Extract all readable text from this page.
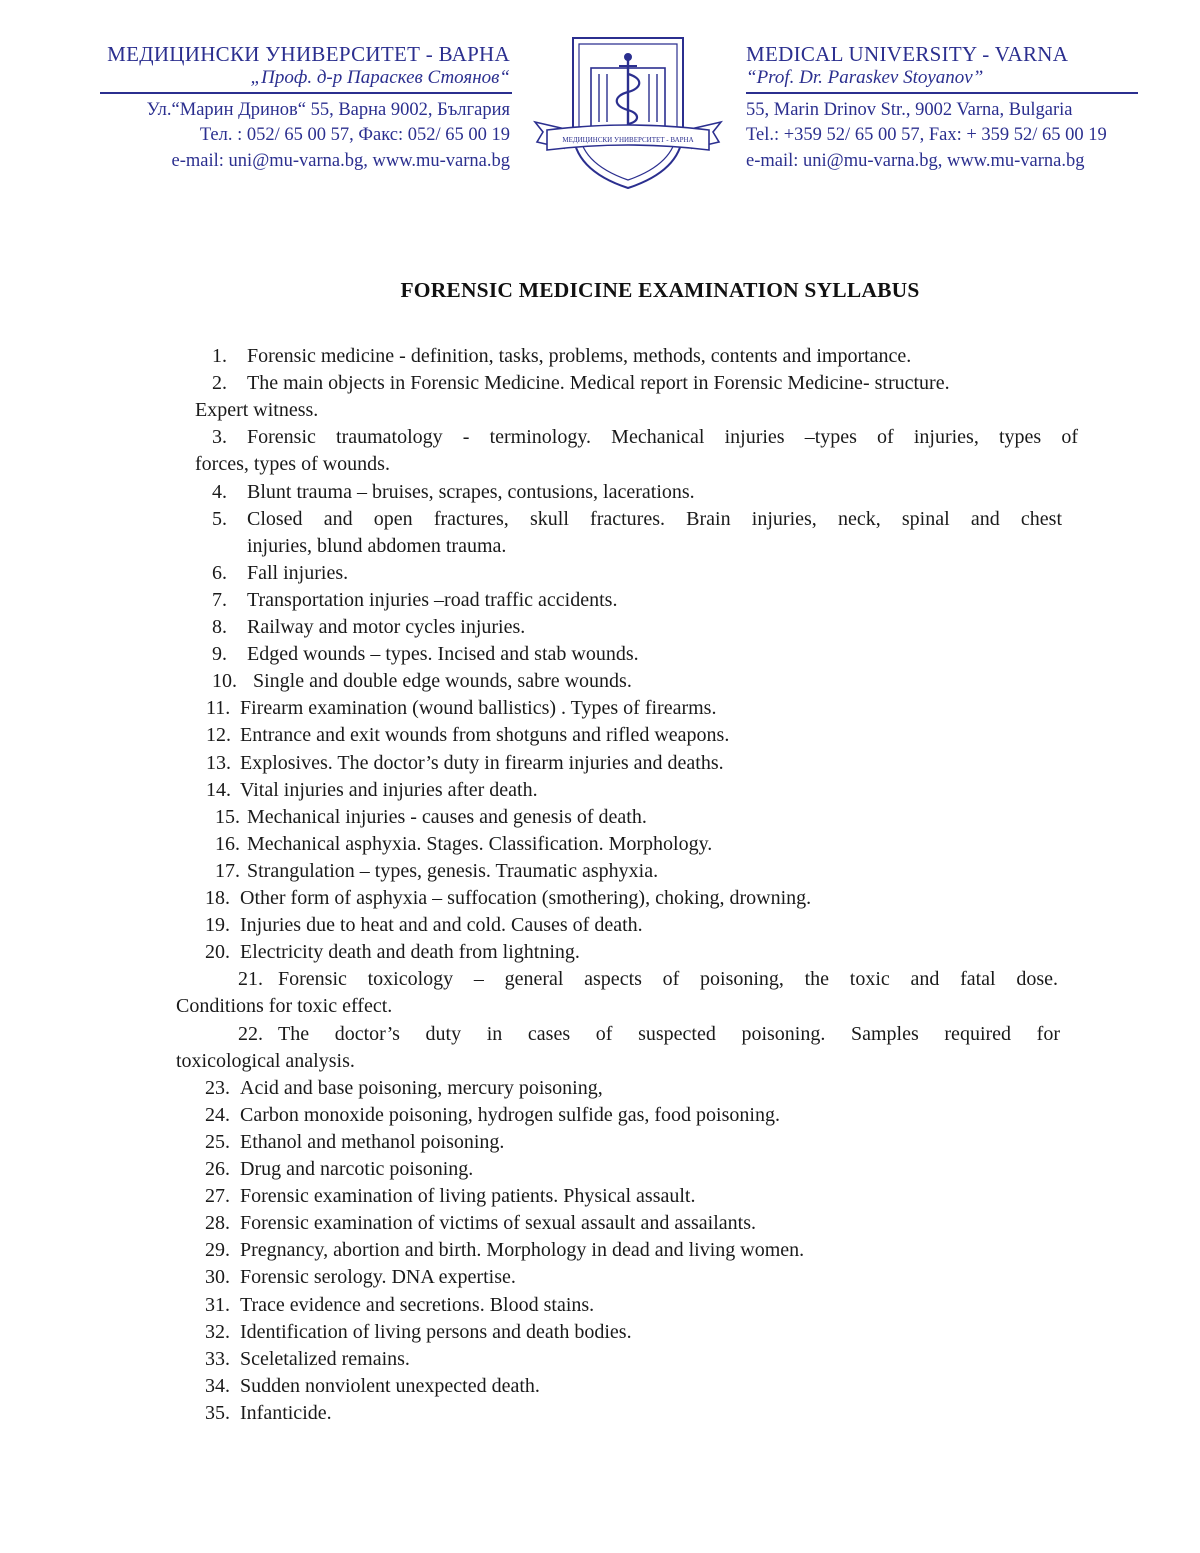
МЕДИЦИНСКИ УНИВЕРСИТЕТ - ВАРНА
„Проф. д-р Параскев Стоянов“
Ул.“Марин Дринов“ 55, Варна 9002, България
Тел. : 052/ 65 00 57, Факс: 052/ 65 00 19
e-mail: uni@mu-varna.bg, www.mu-varna.bg
МЕДИЦИНСКИ УНИВЕРСИТЕТ - ВАРНА
MEDICAL UNIVERSITY - VARNA
“Prof. Dr. Paraskev Stoyanov”
55, Marin Drinov Str., 9002 Varna, Bulgaria
Tel.: +359 52/ 65 00 57, Fax: + 359 52/ 65 00 19
e-mail: uni@mu-varna.bg, www.mu-varna.bg
FORENSIC MEDICINE EXAMINATION SYLLABUS
1. Forensic medicine - definition, tasks, problems, methods, contents and importance.
2. The main objects in Forensic Medicine. Medical report in Forensic Medicine- structure.
Expert witness.
3. Forensic traumatology - terminology. Mechanical injuries –types of injuries, types of
forces, types of wounds.
4. Blunt trauma – bruises, scrapes, contusions, lacerations.
5. Closed and open fractures, skull fractures. Brain injuries, neck, spinal and chest
injuries, blund abdomen trauma.
6. Fall injuries.
7. Transportation injuries –road traffic accidents.
8. Railway and motor cycles injuries.
9. Edged wounds – types. Incised and stab wounds.
10. Single and double edge wounds, sabre wounds.
11. Firearm examination (wound ballistics) . Types of firearms.
12. Entrance and exit wounds from shotguns and rifled weapons.
13. Explosives. The doctor’s duty in firearm injuries and deaths.
14. Vital injuries and injuries after death.
15. Mechanical injuries - causes and genesis of death.
16. Mechanical asphyxia. Stages. Classification. Morphology.
17. Strangulation – types, genesis. Traumatic asphyxia.
18. Other form of asphyxia – suffocation (smothering), choking, drowning.
19. Injuries due to heat and and cold. Causes of death.
20. Electricity death and death from lightning.
21. Forensic toxicology – general aspects of poisoning, the toxic and fatal dose.
Conditions for toxic effect.
22. The doctor’s duty in cases of suspected poisoning. Samples required for
toxicological analysis.
23. Acid and base poisoning, mercury poisoning,
24. Carbon monoxide poisoning, hydrogen sulfide gas, food poisoning.
25. Ethanol and methanol poisoning.
26. Drug and narcotic poisoning.
27. Forensic examination of living patients. Physical assault.
28. Forensic examination of victims of sexual assault and assailants.
29. Pregnancy, abortion and birth. Morphology in dead and living women.
30. Forensic serology. DNA expertise.
31. Trace evidence and secretions. Blood stains.
32. Identification of living persons and death bodies.
33. Sceletalized remains.
34. Sudden nonviolent unexpected death.
35. Infanticide.
